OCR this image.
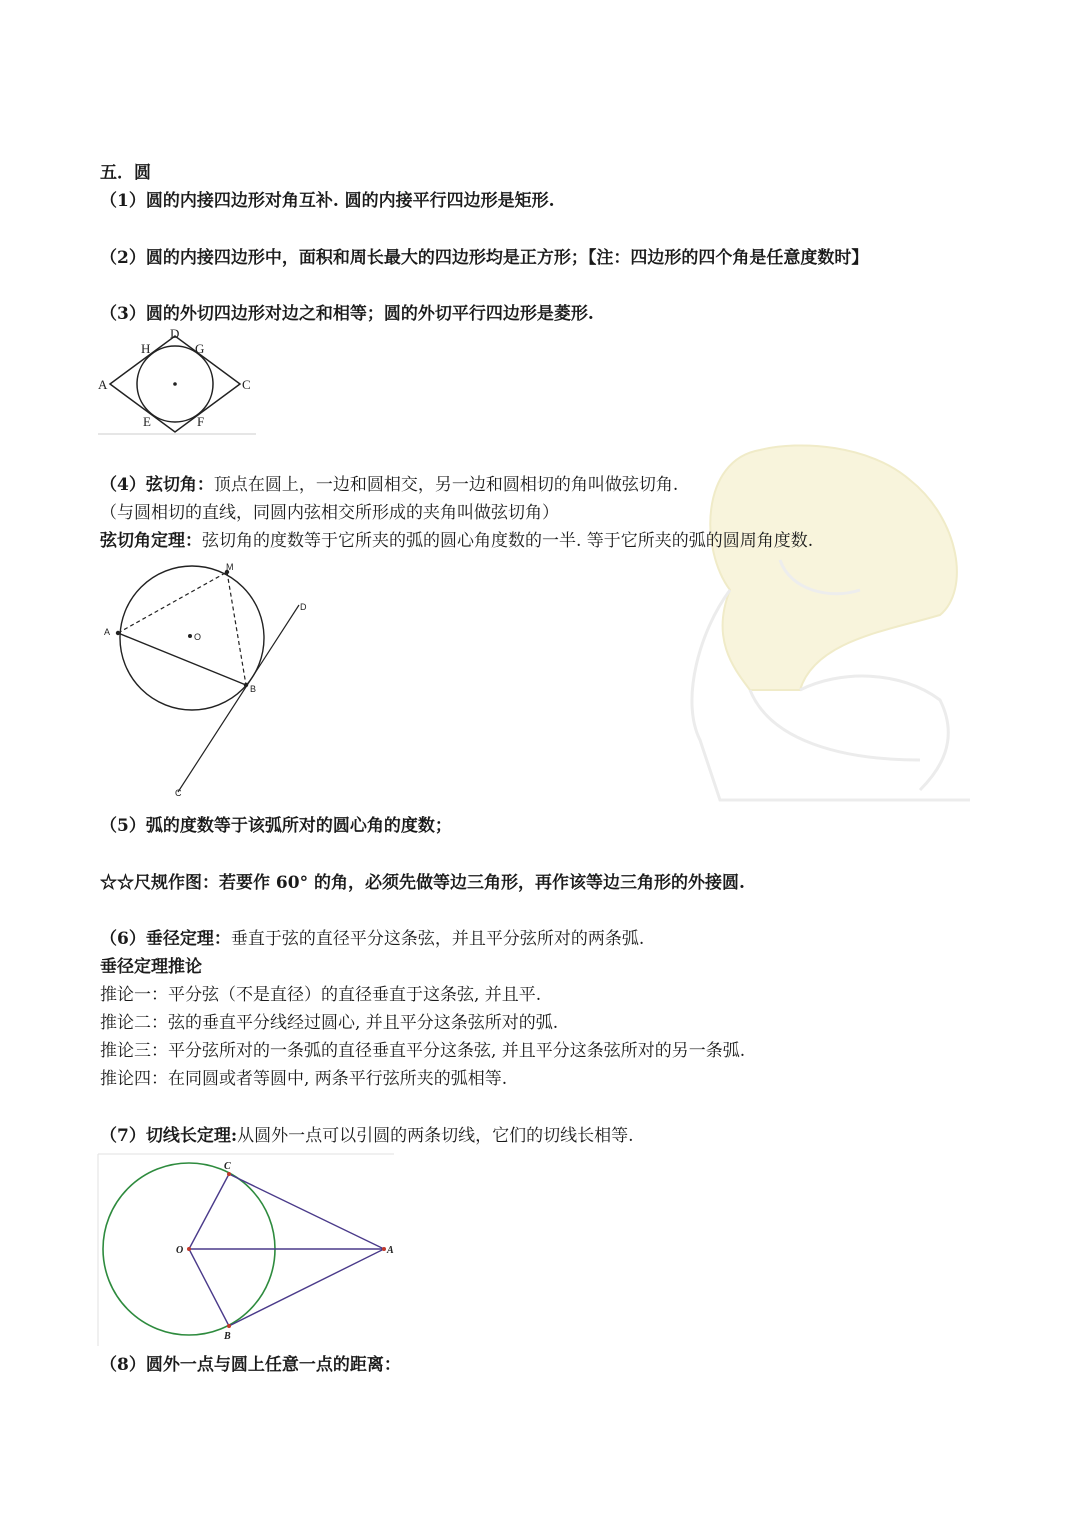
五．圆
（1）圆的内接四边形对角互补. 圆的内接平行四边形是矩形.
（2）圆的内接四边形中，面积和周长最大的四边形均是正方形；【注：四边形的四个角是任意度数时】
（3）圆的外切四边形对边之和相等；圆的外切平行四边形是菱形.
D
H	G
A	C
E	F
（4）弦切角：顶点在圆上，一边和圆相交，另一边和圆相切的角叫做弦切角.
（与圆相切的直线，同圆内弦相交所形成的夹角叫做弦切角）
弦切角定理：弦切角的度数等于它所夹的弧的圆心角度数的一半. 等于它所夹的弧的圆周角度数.
M
D
A	O
B
C
（5）弧的度数等于该弧所对的圆心角的度数；
☆☆尺规作图：若要作 60° 的角，必须先做等边三角形，再作该等边三角形的外接圆.
（6）垂径定理：垂直于弦的直径平分这条弦，并且平分弦所对的两条弧.
垂径定理推论
推论一：平分弦（不是直径）的直径垂直于这条弦, 并且平.
推论二：弦的垂直平分线经过圆心, 并且平分这条弦所对的弧.
推论三：平分弦所对的一条弧的直径垂直平分这条弦, 并且平分这条弦所对的另一条弧.
推论四：在同圆或者等圆中, 两条平行弦所夹的弧相等.
（7）切线长定理:从圆外一点可以引圆的两条切线，它们的切线长相等.
C
O	A
B
（8）圆外一点与圆上任意一点的距离：
